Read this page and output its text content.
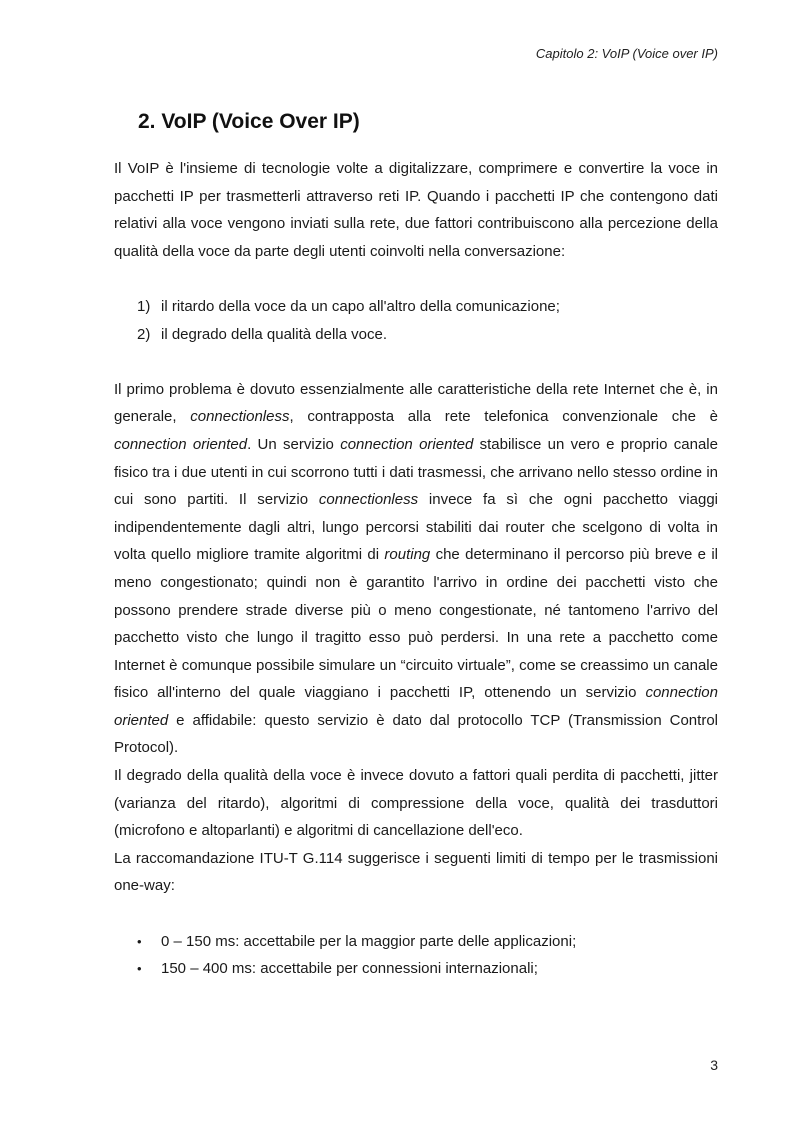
Capitolo 2: VoIP (Voice over IP)
2. VoIP (Voice Over IP)

Il VoIP è l'insieme di tecnologie volte a digitalizzare, comprimere e convertire la voce in pacchetti IP per trasmetterli attraverso reti IP. Quando i pacchetti IP che contengono dati relativi alla voce vengono inviati sulla rete, due fattori contribuiscono alla percezione della qualità della voce da parte degli utenti coinvolti nella conversazione:

1) il ritardo della voce da un capo all'altro della comunicazione;
2) il degrado della qualità della voce.

Il primo problema è dovuto essenzialmente alle caratteristiche della rete Internet che è, in generale, connectionless, contrapposta alla rete telefonica convenzionale che è connection oriented. Un servizio connection oriented stabilisce un vero e proprio canale fisico tra i due utenti in cui scorrono tutti i dati trasmessi, che arrivano nello stesso ordine in cui sono partiti. Il servizio connectionless invece fa sì che ogni pacchetto viaggi indipendentemente dagli altri, lungo percorsi stabiliti dai router che scelgono di volta in volta quello migliore tramite algoritmi di routing che determinano il percorso più breve e il meno congestionato; quindi non è garantito l'arrivo in ordine dei pacchetti visto che possono prendere strade diverse più o meno congestionate, né tantomeno l'arrivo del pacchetto visto che lungo il tragitto esso può perdersi. In una rete a pacchetto come Internet è comunque possibile simulare un “circuito virtuale”, come se creassimo un canale fisico all'interno del quale viaggiano i pacchetti IP, ottenendo un servizio connection oriented e affidabile: questo servizio è dato dal protocollo TCP (Transmission Control Protocol).

Il degrado della qualità della voce è invece dovuto a fattori quali perdita di pacchetti, jitter (varianza del ritardo), algoritmi di compressione della voce, qualità dei trasduttori (microfono e altoparlanti) e algoritmi di cancellazione dell'eco.

La raccomandazione ITU-T G.114 suggerisce i seguenti limiti di tempo per le trasmissioni one-way:

•	0 – 150 ms: accettabile per la maggior parte delle applicazioni;
•	150 – 400 ms: accettabile per connessioni internazionali;
3
